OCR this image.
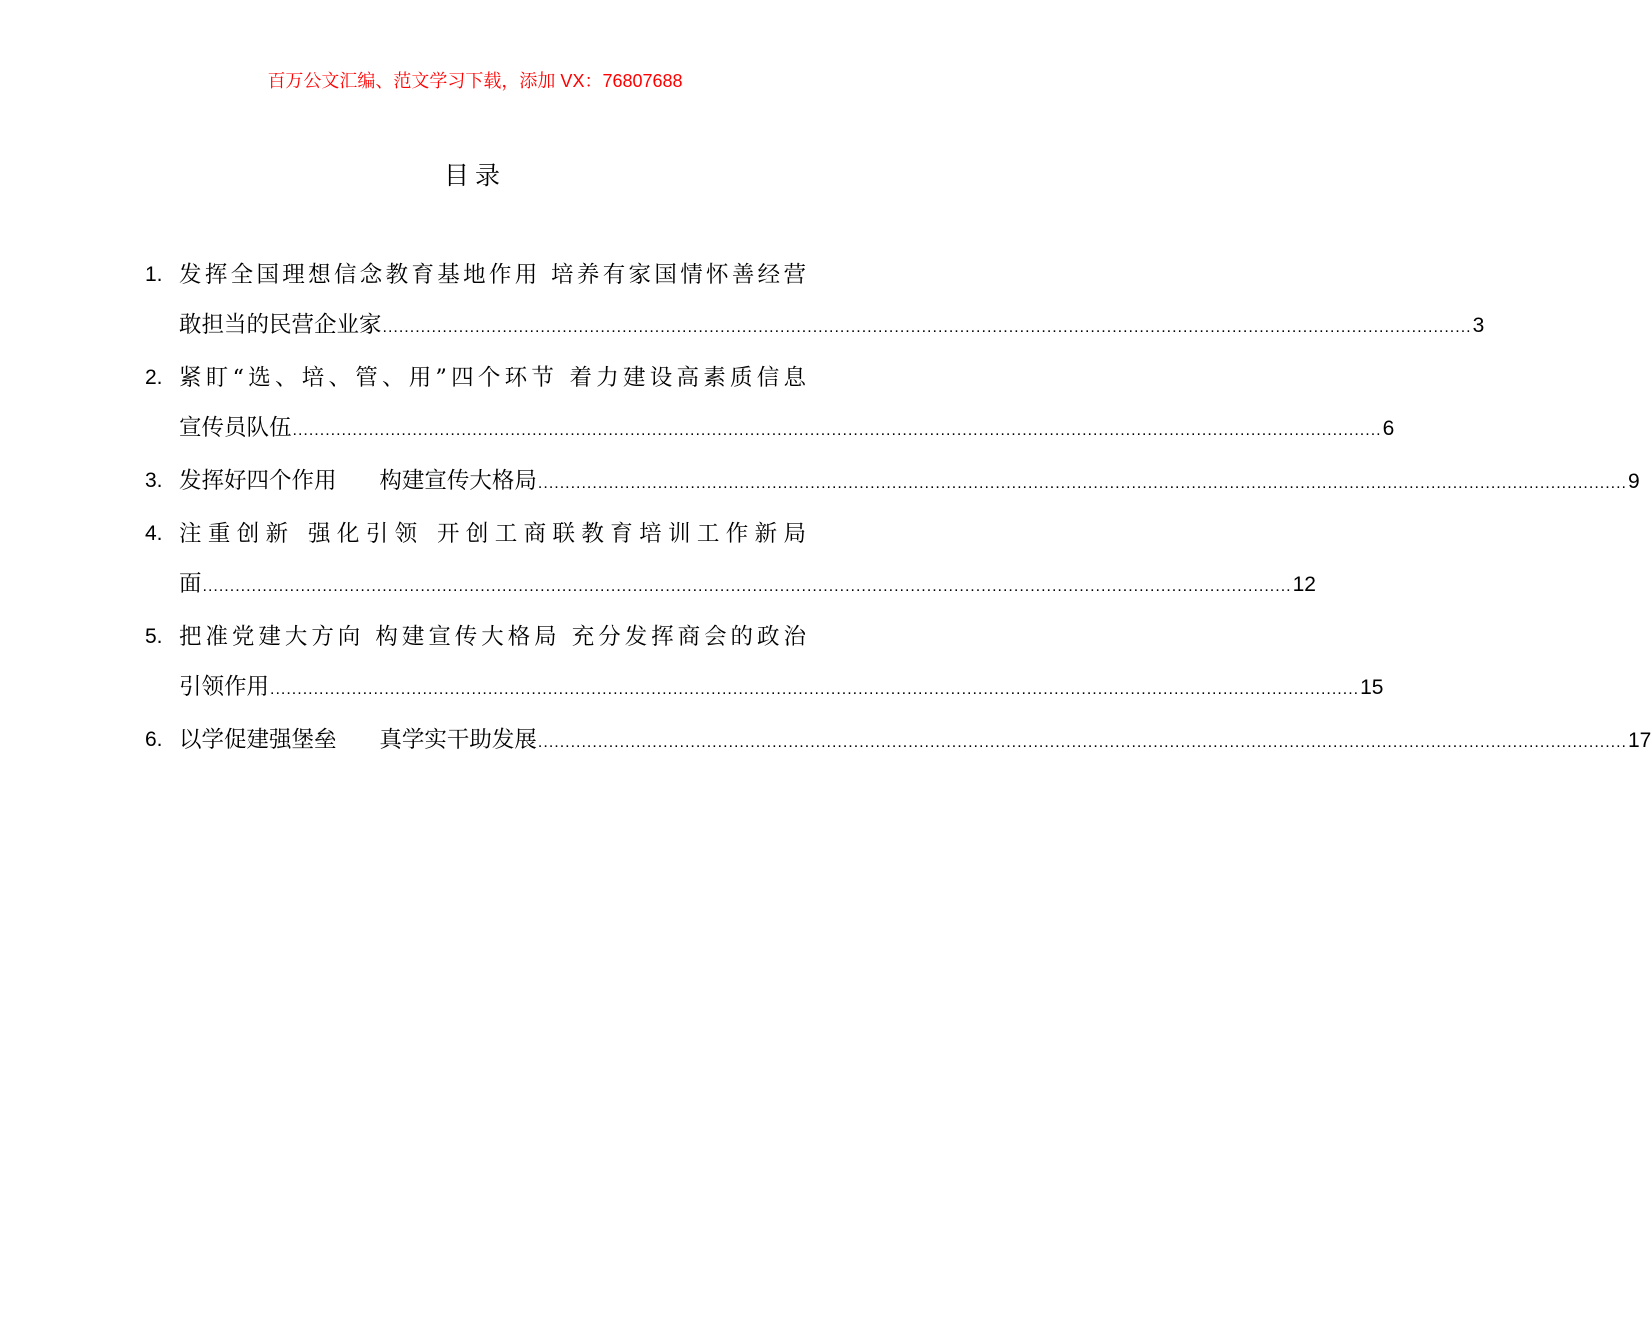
百万公文汇编、范文学习下载，添加 VX：76807688
目录
1. 发挥全国理想信念教育基地作用 培养有家国情怀善经营
敢担当的民营企业家 ........................................................................................................................................................................................................ 3
2. 紧盯“选、培、管、用”四个环节 着力建设高素质信息
宣传员队伍 ........................................................................................................................................................................................................ 6
3. 发挥好四个作用      构建宣传大格局 ........................................................................................................................................................................................................ 9
4. 注重创新 强化引领 开创工商联教育培训工作新局
面 ........................................................................................................................................................................................................ 12
5. 把准党建大方向 构建宣传大格局 充分发挥商会的政治
引领作用 ........................................................................................................................................................................................................ 15
6. 以学促建强堡垒      真学实干助发展 ........................................................................................................................................................................................................ 17
